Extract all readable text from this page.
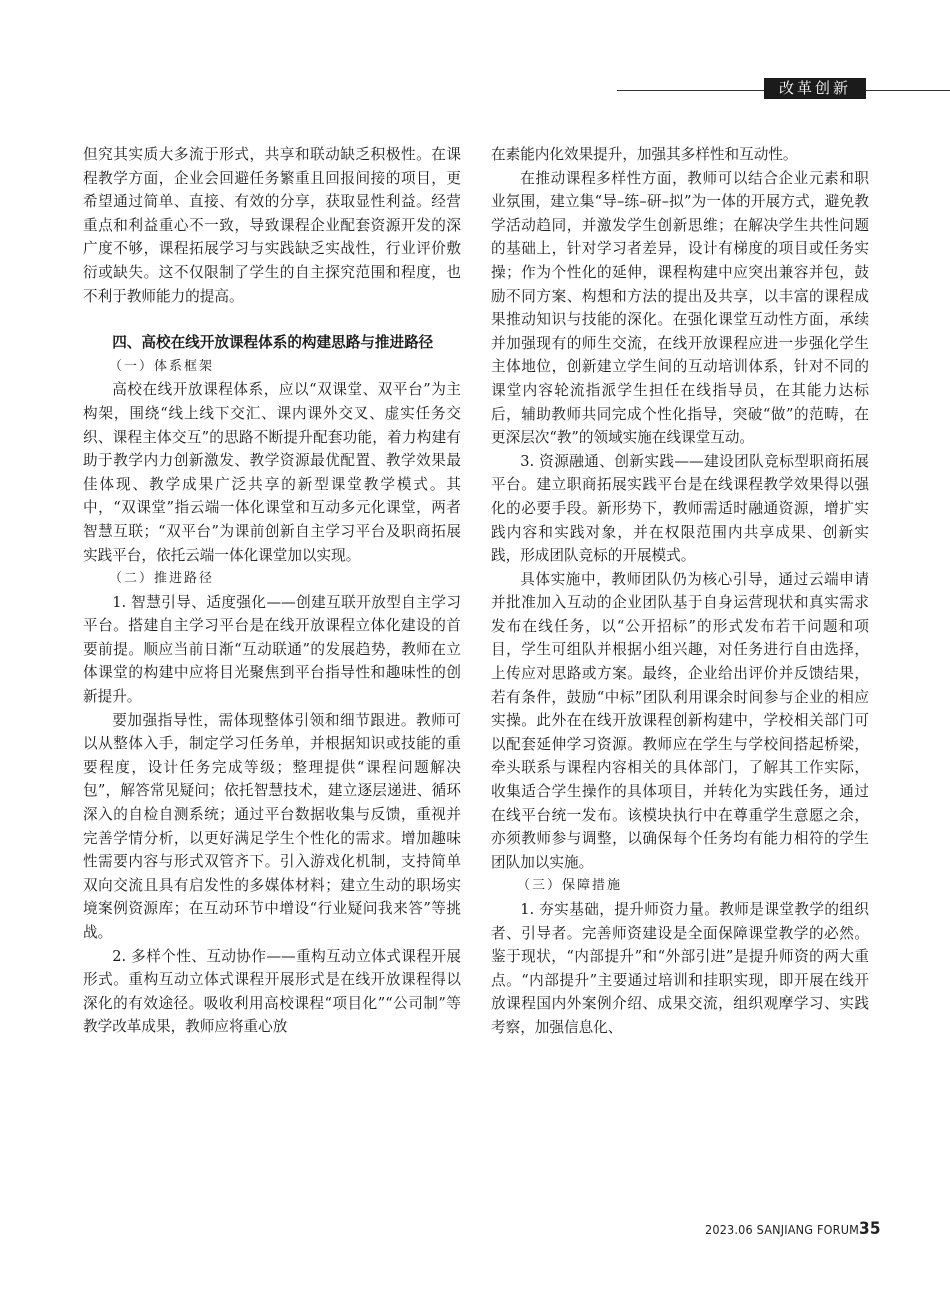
改革创新

但究其实质大多流于形式，共享和联动缺乏积极性。在课程教学方面，企业会回避任务繁重且回报间接的项目，更希望通过简单、直接、有效的分享，获取显性利益。经营重点和利益重心不一致，导致课程企业配套资源开发的深广度不够，课程拓展学习与实践缺乏实战性，行业评价敷衍或缺失。这不仅限制了学生的自主探究范围和程度，也不利于教师能力的提高。

四、高校在线开放课程体系的构建思路与推进路径

（一）体系框架

高校在线开放课程体系，应以“双课堂、双平台”为主构架，围绕“线上线下交汇、课内课外交叉、虚实任务交织、课程主体交互”的思路不断提升配套功能，着力构建有助于教学内力创新激发、教学资源最优配置、教学效果最佳体现、教学成果广泛共享的新型课堂教学模式。其中，“双课堂”指云端一体化课堂和互动多元化课堂，两者智慧互联；“双平台”为课前创新自主学习平台及职商拓展实践平台，依托云端一体化课堂加以实现。

（二）推进路径

1. 智慧引导、适度强化——创建互联开放型自主学习平台。搭建自主学习平台是在线开放课程立体化建设的首要前提。顺应当前日渐“互动联通”的发展趋势，教师在立体课堂的构建中应将目光聚焦到平台指导性和趣味性的创新提升。

要加强指导性，需体现整体引领和细节跟进。教师可以从整体入手，制定学习任务单，并根据知识或技能的重要程度，设计任务完成等级；整理提供“课程问题解决包”，解答常见疑问；依托智慧技术，建立逐层递进、循环深入的自检自测系统；通过平台数据收集与反馈，重视并完善学情分析，以更好满足学生个性化的需求。增加趣味性需要内容与形式双管齐下。引入游戏化机制，支持简单双向交流且具有启发性的多媒体材料；建立生动的职场实境案例资源库；在互动环节中增设“行业疑问我来答”等挑战。

2. 多样个性、互动协作——重构互动立体式课程开展形式。重构互动立体式课程开展形式是在线开放课程得以深化的有效途径。吸收利用高校课程“项目化”“公司制”等教学改革成果，教师应将重心放

在素能内化效果提升，加强其多样性和互动性。

在推动课程多样性方面，教师可以结合企业元素和职业氛围，建立集“导–练–研–拟”为一体的开展方式，避免教学活动趋同，并激发学生创新思维；在解决学生共性问题的基础上，针对学习者差异，设计有梯度的项目或任务实操；作为个性化的延伸，课程构建中应突出兼容并包，鼓励不同方案、构想和方法的提出及共享，以丰富的课程成果推动知识与技能的深化。在强化课堂互动性方面，承续并加强现有的师生交流，在线开放课程应进一步强化学生主体地位，创新建立学生间的互动培训体系，针对不同的课堂内容轮流指派学生担任在线指导员，在其能力达标后，辅助教师共同完成个性化指导，突破“做”的范畴，在更深层次“教”的领域实施在线课堂互动。

3. 资源融通、创新实践——建设团队竞标型职商拓展平台。建立职商拓展实践平台是在线课程教学效果得以强化的必要手段。新形势下，教师需适时融通资源，增扩实践内容和实践对象，并在权限范围内共享成果、创新实践，形成团队竞标的开展模式。

具体实施中，教师团队仍为核心引导，通过云端申请并批准加入互动的企业团队基于自身运营现状和真实需求发布在线任务，以“公开招标”的形式发布若干问题和项目，学生可组队并根据小组兴趣，对任务进行自由选择，上传应对思路或方案。最终，企业给出评价并反馈结果，若有条件，鼓励“中标”团队利用课余时间参与企业的相应实操。此外在在线开放课程创新构建中，学校相关部门可以配套延伸学习资源。教师应在学生与学校间搭起桥梁，牵头联系与课程内容相关的具体部门，了解其工作实际，收集适合学生操作的具体项目，并转化为实践任务，通过在线平台统一发布。该模块执行中在尊重学生意愿之余，亦须教师参与调整，以确保每个任务均有能力相符的学生团队加以实施。

（三）保障措施

1. 夯实基础，提升师资力量。教师是课堂教学的组织者、引导者。完善师资建设是全面保障课堂教学的必然。鉴于现状，“内部提升”和“外部引进”是提升师资的两大重点。“内部提升”主要通过培训和挂职实现，即开展在线开放课程国内外案例介绍、成果交流，组织观摩学习、实践考察，加强信息化、

2023.06 SANJIANG FORUM35
